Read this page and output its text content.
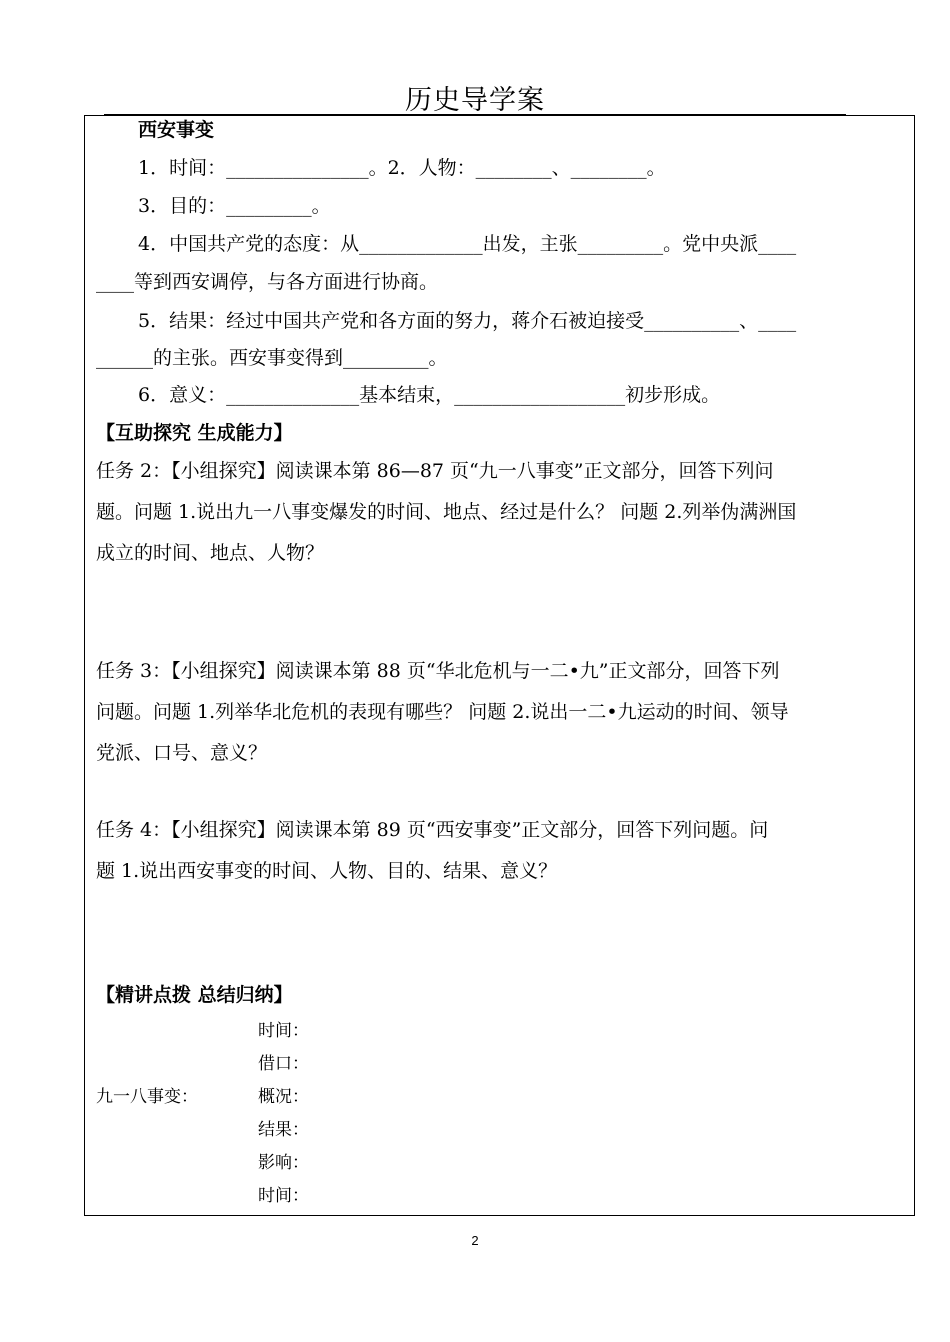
历史导学案
西安事变
1．时间：_______________。2．人物：________、________。
3．目的：_________。
4．中国共产党的态度：从_____________出发，主张_________。党中央派____
____等到西安调停，与各方面进行协商。
5．结果：经过中国共产党和各方面的努力，蒋介石被迫接受__________、____
______的主张。西安事变得到_________。
6．意义：______________基本结束，__________________初步形成。
【互助探究 生成能力】
任务 2：【小组探究】阅读课本第 86—87 页“九一八事变”正文部分，回答下列问
题。问题 1.说出九一八事变爆发的时间、地点、经过是什么？ 问题 2.列举伪满洲国
成立的时间、地点、人物？
任务 3：【小组探究】阅读课本第 88 页“华北危机与一二•九”正文部分，回答下列
问题。问题 1.列举华北危机的表现有哪些？ 问题 2.说出一二•九运动的时间、领导
党派、口号、意义？
任务 4：【小组探究】阅读课本第 89 页“西安事变”正文部分，回答下列问题。问
题 1.说出西安事变的时间、人物、目的、结果、意义？
【精讲点拨 总结归纳】
九一八事变：
时间：
借口：
概况：
结果：
影响：
时间：
2
